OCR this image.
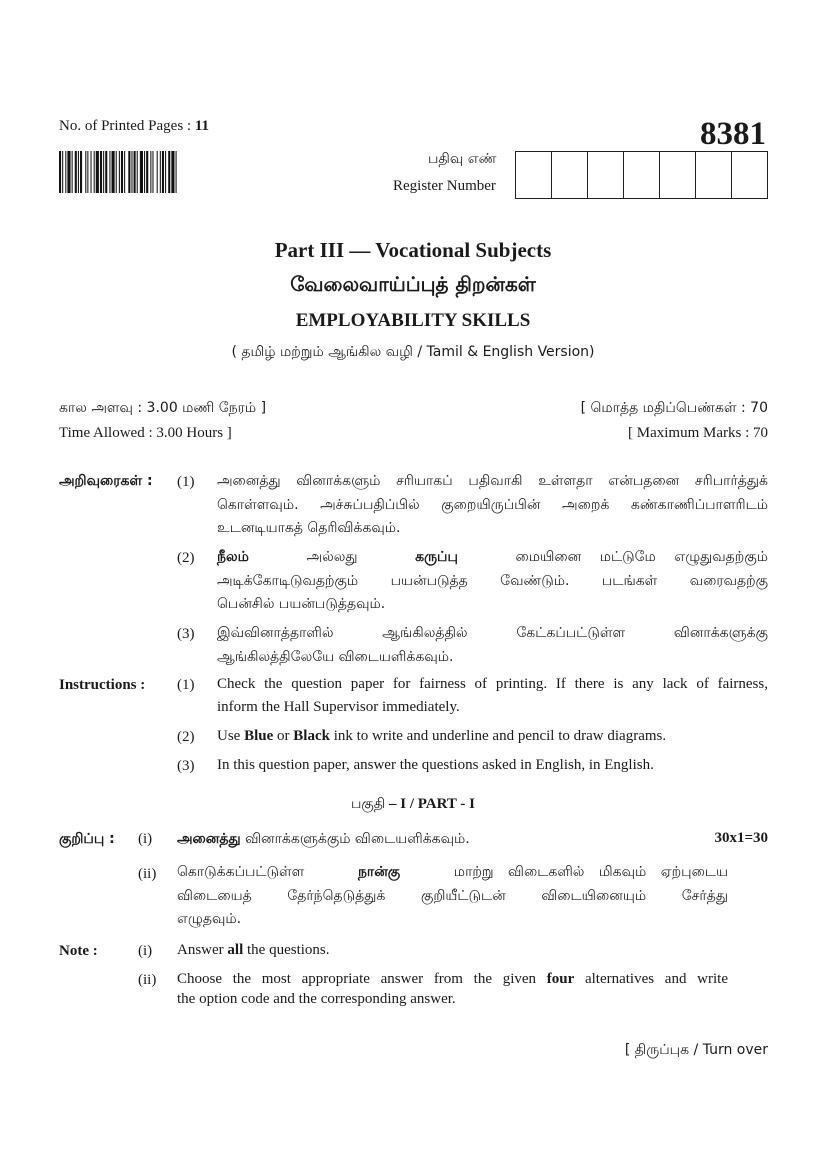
No. of Printed Pages : 11	8381
பதிவு எண்
Register Number
Part III — Vocational Subjects
வேலைவாய்ப்புத் திறன்கள்
EMPLOYABILITY SKILLS
( தமிழ் மற்றும் ஆங்கில வழி / Tamil & English Version)
கால அளவு : 3.00 மணி நேரம் ]
Time Allowed : 3.00 Hours ]
[ மொத்த மதிப்பெண்கள் : 70
[ Maximum Marks : 70
அறிவுரைகள் : (1) அனைத்து வினாக்களும் சரியாகப் பதிவாகி உள்ளதா என்பதனை சரிபார்த்துக்
கொள்ளவும். அச்சுப்பதிப்பில் குறையிருப்பின் அறைக் கண்காணிப்பாளரிடம்
உடனடியாகத் தெரிவிக்கவும்.
(2) நீலம்	அல்லது	கருப்பு	மையினை மட்டுமே எழுதுவதற்கும்
அடிக்கோடிடுவதற்கும் பயன்படுத்த வேண்டும். படங்கள் வரைவதற்கு
பென்சில் பயன்படுத்தவும்.
(3) இவ்வினாத்தாளில் ஆங்கிலத்தில் கேட்கப்பட்டுள்ள வினாக்களுக்கு
ஆங்கிலத்திலேயே விடையளிக்கவும்.
Instructions : (1) Check the question paper for fairness of printing. If there is any lack of fairness,
inform the Hall Supervisor immediately.
(2) Use Blue or Black ink to write and underline and pencil to draw diagrams.
(3) In this question paper, answer the questions asked in English, in English.
பகுதி – I / PART - I
குறிப்பு : (i) அனைத்து வினாக்களுக்கும் விடையளிக்கவும்.	30x1=30
(ii) கொடுக்கப்பட்டுள்ள	நான்கு	மாற்று விடைகளில் மிகவும் ஏற்புடைய
விடையைத் தேர்ந்தெடுத்துக் குறியீட்டுடன் விடையினையும் சேர்த்து
எழுதவும்.
Note :	(i) Answer all the questions.
(ii) Choose the most appropriate answer from the given four alternatives and write
the option code and the corresponding answer.
[ திருப்புக / Turn over
